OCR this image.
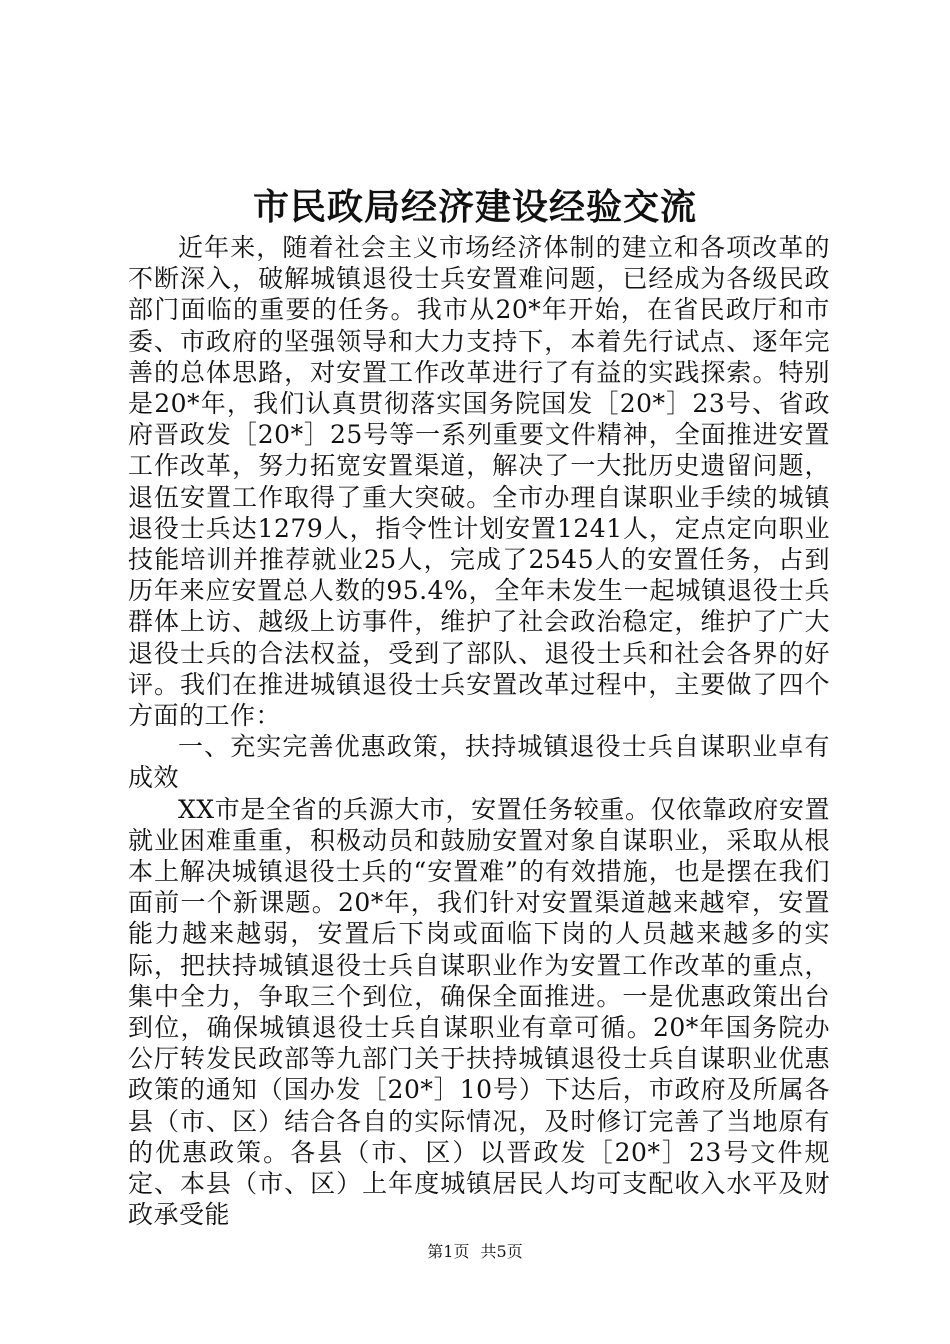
市民政局经济建设经验交流

近年来，随着社会主义市场经济体制的建立和各项改革的不断深入，破解城镇退役士兵安置难问题，已经成为各级民政部门面临的重要的任务。我市从20*年开始，在省民政厅和市委、市政府的坚强领导和大力支持下，本着先行试点、逐年完善的总体思路，对安置工作改革进行了有益的实践探索。特别是20*年，我们认真贯彻落实国务院国发［20*］23号、省政府晋政发［20*］25号等一系列重要文件精神，全面推进安置工作改革，努力拓宽安置渠道，解决了一大批历史遗留问题，退伍安置工作取得了重大突破。全市办理自谋职业手续的城镇退役士兵达1279人，指令性计划安置1241人，定点定向职业技能培训并推荐就业25人，完成了2545人的安置任务，占到历年来应安置总人数的95.4%，全年未发生一起城镇退役士兵群体上访、越级上访事件，维护了社会政治稳定，维护了广大退役士兵的合法权益，受到了部队、退役士兵和社会各界的好评。我们在推进城镇退役士兵安置改革过程中，主要做了四个方面的工作：

一、充实完善优惠政策，扶持城镇退役士兵自谋职业卓有成效

XX市是全省的兵源大市，安置任务较重。仅依靠政府安置就业困难重重，积极动员和鼓励安置对象自谋职业，采取从根本上解决城镇退役士兵的“安置难”的有效措施，也是摆在我们面前一个新课题。20*年，我们针对安置渠道越来越窄，安置能力越来越弱，安置后下岗或面临下岗的人员越来越多的实际，把扶持城镇退役士兵自谋职业作为安置工作改革的重点，集中全力，争取三个到位，确保全面推进。一是优惠政策出台到位，确保城镇退役士兵自谋职业有章可循。20*年国务院办公厅转发民政部等九部门关于扶持城镇退役士兵自谋职业优惠政策的通知（国办发［20*］10号）下达后，市政府及所属各县（市、区）结合各自的实际情况，及时修订完善了当地原有的优惠政策。各县（市、区）以晋政发［20*］23号文件规定、本县（市、区）上年度城镇居民人均可支配收入水平及财政承受能

第1页 共5页
